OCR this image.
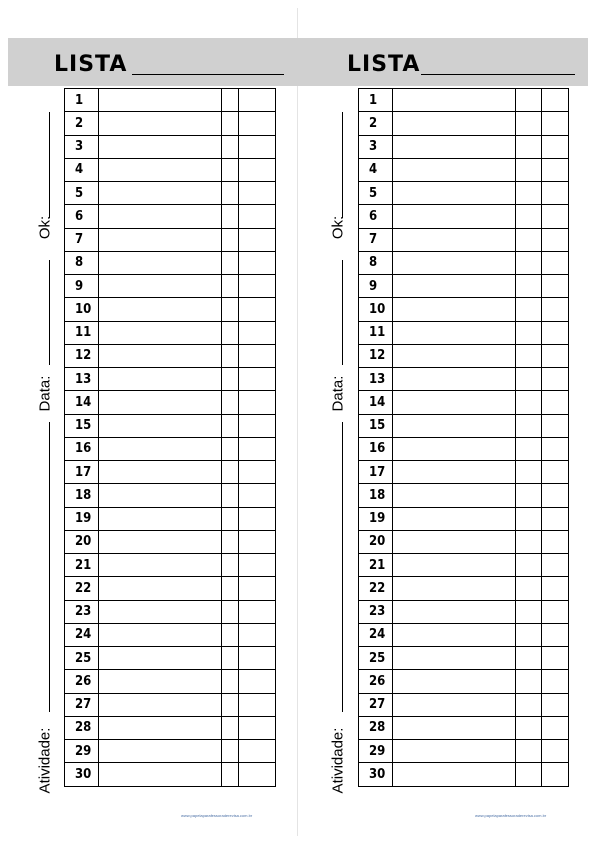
LISTA
Ok:
Data:
Atividade:
1			
2			
3			
4			
5			
6			
7			
8			
9			
10			
11			
12			
13			
14			
15			
16			
17			
18			
19			
20			
21			
22			
23			
24			
25			
26			
27			
28			
29			
30			
www.papelaparafessoraderevisa.com.br
LISTA
Ok:
Data:
Atividade:
1			
2			
3			
4			
5			
6			
7			
8			
9			
10			
11			
12			
13			
14			
15			
16			
17			
18			
19			
20			
21			
22			
23			
24			
25			
26			
27			
28			
29			
30			
www.papelaparafessoraderevisa.com.br
